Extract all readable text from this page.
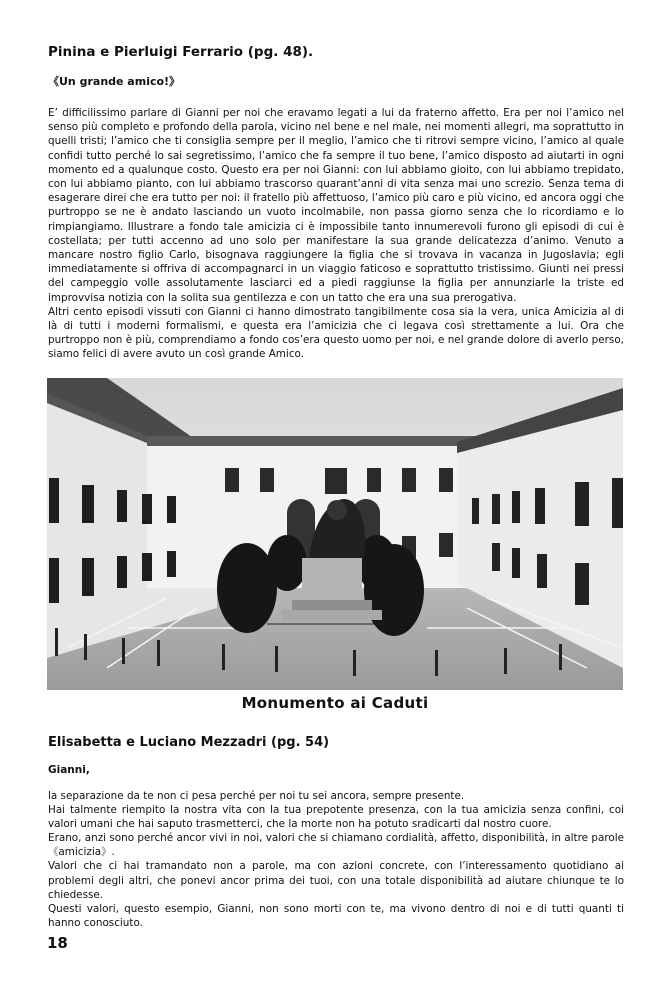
Pinina e Pierluigi Ferrario (pg. 48).
《Un grande amico!》

E’ difficilissimo parlare di Gianni per noi che eravamo legati a lui da fraterno affetto. Era per noi l’amico nel senso più completo e profondo della parola, vicino nel bene e nel male, nei momenti allegri, ma soprattutto in quelli tristi; l’amico che ti consiglia sempre per il meglio, l’amico che ti ritrovi sempre vicino, l’amico al quale confidi tutto perché lo sai segretissimo, l’amico che fa sempre il tuo bene, l’amico disposto ad aiutarti in ogni momento ed a qualunque costo. Questo era per noi Gianni: con lui abbiamo gioito, con lui abbiamo trepidato, con lui abbiamo pianto, con lui abbiamo trascorso quarant’anni di vita senza mai uno screzio. Senza tema di esagerare direi che era tutto per noi: il fratello più affettuoso, l’amico più caro e più vicino, ed ancora oggi che purtroppo se ne è andato lasciando un vuoto incolmabile, non passa giorno senza che lo ricordiamo e lo rimpiangiamo. Illustrare a fondo tale amicizia ci è impossibile tanto innumerevoli furono gli episodi di cui è costellata; per tutti accenno ad uno solo per manifestare la sua grande delicatezza d’animo. Venuto a mancare nostro figlio Carlo, bisognava raggiungere la figlia che si trovava in vacanza in Jugoslavia; egli immediatamente si offriva di accompagnarci in un viaggio faticoso e soprattutto tristissimo. Giunti nei pressi del campeggio volle assolutamente lasciarci ed a piedi raggiunse la figlia per annunziarle la triste ed improvvisa notizia con la solita sua gentilezza e con un tatto che era una sua prerogativa.

Altri cento episodi vissuti con Gianni ci hanno dimostrato tangibilmente cosa sia la vera, unica Amicizia al di là di tutti i moderni formalismi, e questa era l’amicizia che ci legava così strettamente a lui. Ora che purtroppo non è più, comprendiamo a fondo cos’era questo uomo per noi, e nel grande dolore di averlo perso, siamo felici di avere avuto un così grande Amico.

Monumento ai Caduti
Elisabetta e Luciano Mezzadri (pg. 54)
Gianni,

la separazione da te non ci pesa perché per noi tu sei ancora, sempre presente.

Hai talmente riempito la nostra vita con la tua prepotente presenza, con la tua amicizia senza confini, coi valori umani che hai saputo trasmetterci, che la morte non ha potuto sradicarti dal nostro cuore.

Erano, anzi sono perché ancor vivi in noi, valori che si chiamano cordialità, affetto, disponibilità, in altre parole 《amicizia》.

Valori che ci hai tramandato non a parole, ma con azioni concrete, con l’interessamento quotidiano ai problemi degli altri, che ponevi ancor prima dei tuoi, con una totale disponibilità ad aiutare chiunque te lo chiedesse.

Questi valori, questo esempio, Gianni, non sono morti con te, ma vivono dentro di noi e di tutti quanti ti hanno conosciuto.

18
